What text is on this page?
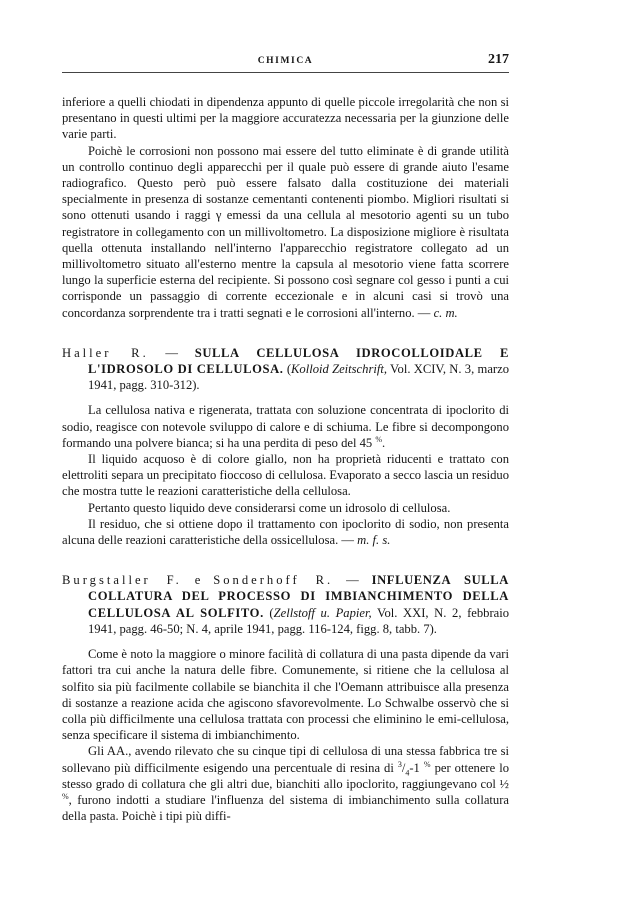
CHIMICA	217

inferiore a quelli chiodati in dipendenza appunto di quelle piccole irregolarità che non si presentano in questi ultimi per la maggiore accuratezza necessaria per la giunzione delle varie parti.

Poichè le corrosioni non possono mai essere del tutto eliminate è di grande utilità un controllo continuo degli apparecchi per il quale può essere di grande aiuto l'esame radiografico. Questo però può essere falsato dalla costituzione dei materiali specialmente in presenza di sostanze cementanti contenenti piombo. Migliori risultati si sono ottenuti usando i raggi γ emessi da una cellula al mesotorio agenti su un tubo registratore in collegamento con un millivoltometro. La disposizione migliore è risultata quella ottenuta installando nell'interno l'apparecchio registratore collegato ad un millivoltometro situato all'esterno mentre la capsula al mesotorio viene fatta scorrere lungo la superficie esterna del recipiente. Si possono così segnare col gesso i punti a cui corrisponde un passaggio di corrente eccezionale e in alcuni casi si trovò una concordanza sorprendente tra i tratti segnati e le corrosioni all'interno. — c. m.

Haller R. — SULLA CELLULOSA IDROCOLLOIDALE E L'IDROSOLO DI CELLULOSA. (Kolloid Zeitschrift, Vol. XCIV, N. 3, marzo 1941, pagg. 310-312).

La cellulosa nativa e rigenerata, trattata con soluzione concentrata di ipoclorito di sodio, reagisce con notevole sviluppo di calore e di schiuma. Le fibre si decompongono formando una polvere bianca; si ha una perdita di peso del 45 %.

Il liquido acquoso è di colore giallo, non ha proprietà riducenti e trattato con elettroliti separa un precipitato fioccoso di cellulosa. Evaporato a secco lascia un residuo che mostra tutte le reazioni caratteristiche della cellulosa.

Pertanto questo liquido deve considerarsi come un idrosolo di cellulosa.

Il residuo, che si ottiene dopo il trattamento con ipoclorito di sodio, non presenta alcuna delle reazioni caratteristiche della ossicellulosa. — m. f. s.

Burgstaller F. e Sonderhoff R. — INFLUENZA SULLA COLLATURA DEL PROCESSO DI IMBIANCHIMENTO DELLA CELLULOSA AL SOLFITO. (Zellstoff u. Papier, Vol. XXI, N. 2, febbraio 1941, pagg. 46-50; N. 4, aprile 1941, pagg. 116-124, figg. 8, tabb. 7).

Come è noto la maggiore o minore facilità di collatura di una pasta dipende da vari fattori tra cui anche la natura delle fibre. Comunemente, si ritiene che la cellulosa al solfito sia più facilmente collabile se bianchita il che l'Oemann attribuisce alla presenza di sostanze a reazione acida che agiscono sfavorevolmente. Lo Schwalbe osservò che si colla più difficilmente una cellulosa trattata con processi che eliminino le emi-cellulosa, senza specificare il sistema di imbianchimento.

Gli AA., avendo rilevato che su cinque tipi di cellulosa di una stessa fabbrica tre si sollevano più difficilmente esigendo una percentuale di resina di $^3/_4-1$ % per ottenere lo stesso grado di collatura che gli altri due, bianchiti allo ipoclorito, raggiungevano col ½ %, furono indotti a studiare l'influenza del sistema di imbianchimento sulla collatura della pasta. Poichè i tipi più diffi-
